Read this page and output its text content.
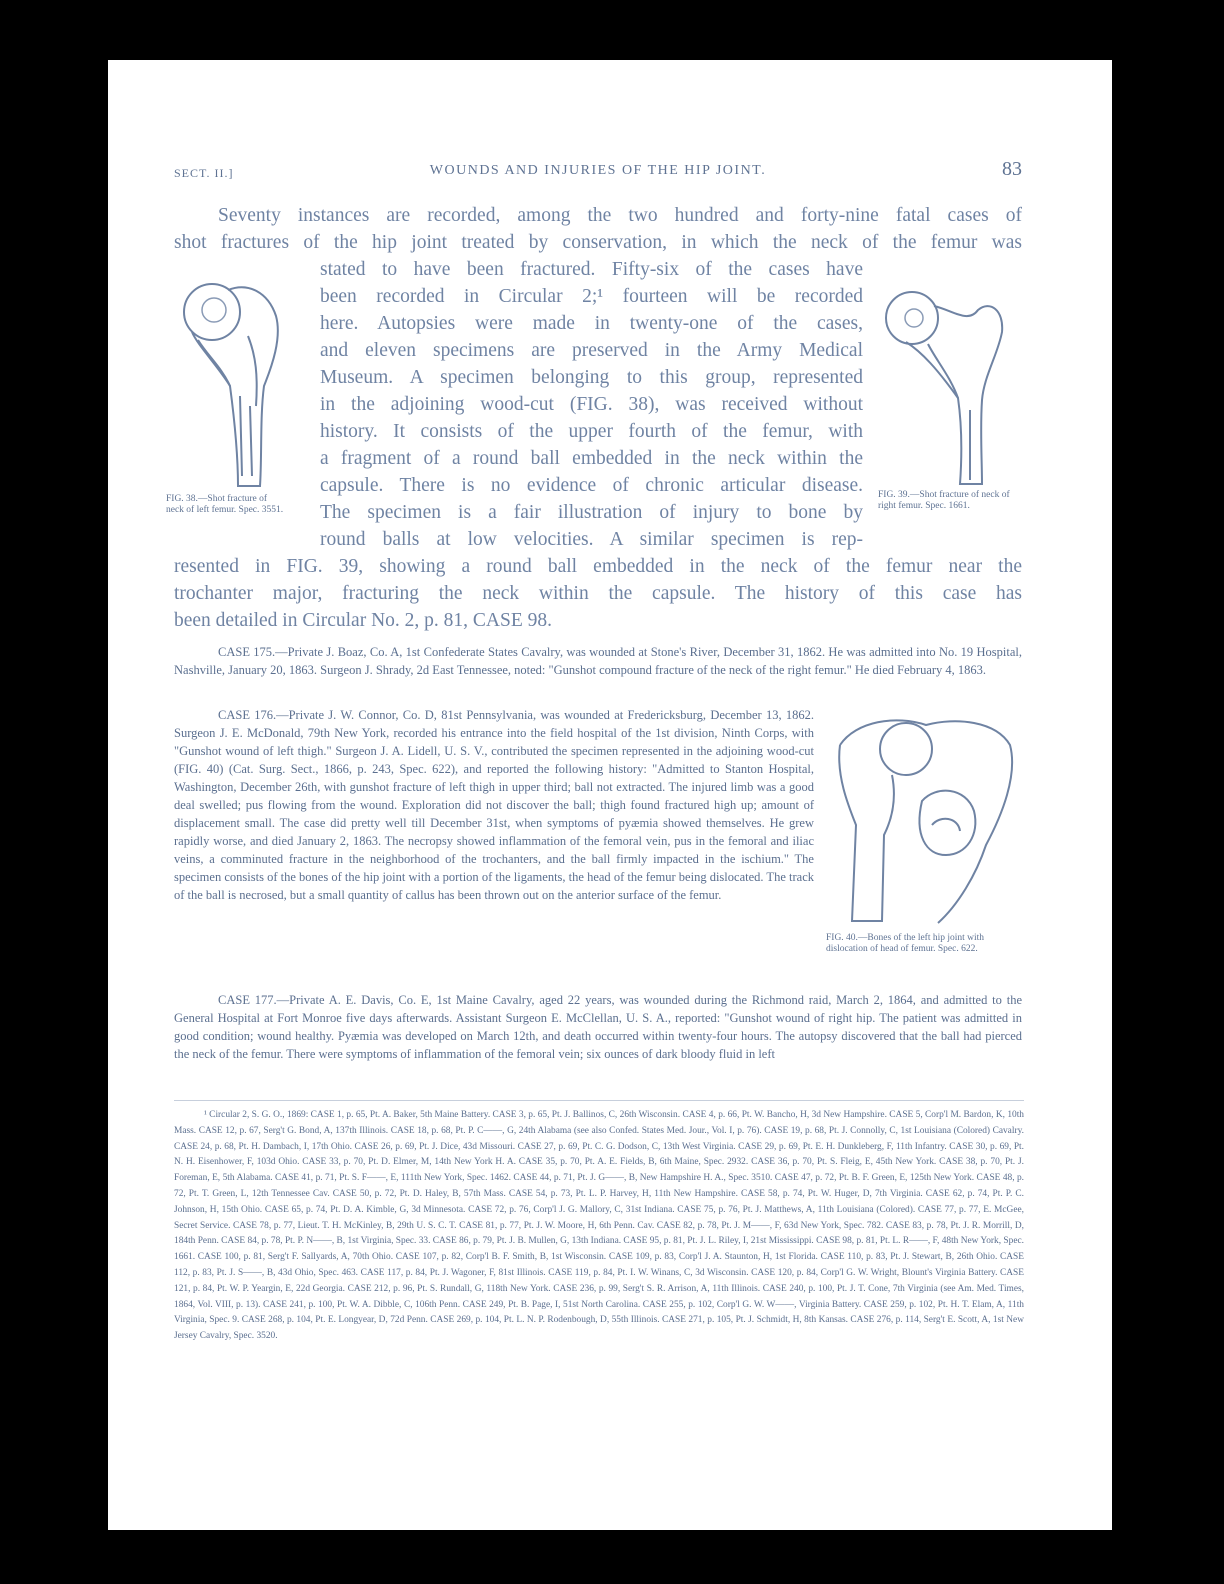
SECT. II.]	WOUNDS AND INJURIES OF THE HIP JOINT.	83
Seventy instances are recorded, among the two hundred and forty-nine fatal cases of
shot fractures of the hip joint treated by conservation, in which the neck of the femur was
stated to have been fractured. Fifty-six of the cases have
been recorded in Circular 2;¹ fourteen will be recorded
here. Autopsies were made in twenty-one of the cases,
and eleven specimens are preserved in the Army Medical
Museum. A specimen belonging to this group, represented
in the adjoining wood-cut (FIG. 38), was received without
history. It consists of the upper fourth of the femur, with
a fragment of a round ball embedded in the neck within the
capsule. There is no evidence of chronic articular disease.
The specimen is a fair illustration of injury to bone by
round balls at low velocities. A similar specimen is rep-
resented in FIG. 39, showing a round ball embedded in the neck of the femur near the
trochanter major, fracturing the neck within the capsule. The history of this case has
been detailed in Circular No. 2, p. 81, CASE 98.
FIG. 38.—Shot fracture of neck of left femur. Spec. 3551.
FIG. 39.—Shot fracture of neck of right femur. Spec. 1661.
CASE 175.—Private J. Boaz, Co. A, 1st Confederate States Cavalry, was wounded at Stone's River, December 31, 1862. He was admitted into No. 19 Hospital, Nashville, January 20, 1863. Surgeon J. Shrady, 2d East Tennessee, noted: "Gunshot compound fracture of the neck of the right femur." He died February 4, 1863.
CASE 176.—Private J. W. Connor, Co. D, 81st Pennsylvania, was wounded at Fredericksburg, December 13, 1862. Surgeon J. E. McDonald, 79th New York, recorded his entrance into the field hospital of the 1st division, Ninth Corps, with "Gunshot wound of left thigh." Surgeon J. A. Lidell, U. S. V., contributed the specimen represented in the adjoining wood-cut (FIG. 40) (Cat. Surg. Sect., 1866, p. 243, Spec. 622), and reported the following history: "Admitted to Stanton Hospital, Washington, December 26th, with gunshot fracture of left thigh in upper third; ball not extracted. The injured limb was a good deal swelled; pus flowing from the wound. Exploration did not discover the ball; thigh found fractured high up; amount of displacement small. The case did pretty well till December 31st, when symptoms of pyæmia showed themselves. He grew rapidly worse, and died January 2, 1863. The necropsy showed inflammation of the femoral vein, pus in the femoral and iliac veins, a comminuted fracture in the neighborhood of the trochanters, and the ball firmly impacted in the ischium." The specimen consists of the bones of the hip joint with a portion of the ligaments, the head of the femur being dislocated. The track of the ball is necrosed, but a small quantity of callus has been thrown out on the anterior surface of the femur.
FIG. 40.—Bones of the left hip joint with dislocation of head of femur. Spec. 622.
CASE 177.—Private A. E. Davis, Co. E, 1st Maine Cavalry, aged 22 years, was wounded during the Richmond raid, March 2, 1864, and admitted to the General Hospital at Fort Monroe five days afterwards. Assistant Surgeon E. McClellan, U. S. A., reported: "Gunshot wound of right hip. The patient was admitted in good condition; wound healthy. Pyæmia was developed on March 12th, and death occurred within twenty-four hours. The autopsy discovered that the ball had pierced the neck of the femur. There were symptoms of inflammation of the femoral vein; six ounces of dark bloody fluid in left
¹ Circular 2, S. G. O., 1869: CASE 1, p. 65, Pt. A. Baker, 5th Maine Battery. CASE 3, p. 65, Pt. J. Ballinos, C, 26th Wisconsin. CASE 4, p. 66, Pt. W. Bancho, H, 3d New Hampshire. CASE 5, Corp'l M. Bardon, K, 10th Mass. CASE 12, p. 67, Serg't G. Bond, A, 137th Illinois. CASE 18, p. 68, Pt. P. C——, G, 24th Alabama (see also Confed. States Med. Jour., Vol. I, p. 76). CASE 19, p. 68, Pt. J. Connolly, C, 1st Louisiana (Colored) Cavalry. CASE 24, p. 68, Pt. H. Dambach, I, 17th Ohio. CASE 26, p. 69, Pt. J. Dice, 43d Missouri. CASE 27, p. 69, Pt. C. G. Dodson, C, 13th West Virginia. CASE 29, p. 69, Pt. E. H. Dunkleberg, F, 11th Infantry. CASE 30, p. 69, Pt. N. H. Eisenhower, F, 103d Ohio. CASE 33, p. 70, Pt. D. Elmer, M, 14th New York H. A. CASE 35, p. 70, Pt. A. E. Fields, B, 6th Maine, Spec. 2932. CASE 36, p. 70, Pt. S. Fleig, E, 45th New York. CASE 38, p. 70, Pt. J. Foreman, E, 5th Alabama. CASE 41, p. 71, Pt. S. F——, E, 111th New York, Spec. 1462. CASE 44, p. 71, Pt. J. G——, B, New Hampshire H. A., Spec. 3510. CASE 47, p. 72, Pt. B. F. Green, E, 125th New York. CASE 48, p. 72, Pt. T. Green, L, 12th Tennessee Cav. CASE 50, p. 72, Pt. D. Haley, B, 57th Mass. CASE 54, p. 73, Pt. L. P. Harvey, H, 11th New Hampshire. CASE 58, p. 74, Pt. W. Huger, D, 7th Virginia. CASE 62, p. 74, Pt. P. C. Johnson, H, 15th Ohio. CASE 65, p. 74, Pt. D. A. Kimble, G, 3d Minnesota. CASE 72, p. 76, Corp'l J. G. Mallory, C, 31st Indiana. CASE 75, p. 76, Pt. J. Matthews, A, 11th Louisiana (Colored). CASE 77, p. 77, E. McGee, Secret Service. CASE 78, p. 77, Lieut. T. H. McKinley, B, 29th U. S. C. T. CASE 81, p. 77, Pt. J. W. Moore, H, 6th Penn. Cav. CASE 82, p. 78, Pt. J. M——, F, 63d New York, Spec. 782. CASE 83, p. 78, Pt. J. R. Morrill, D, 184th Penn. CASE 84, p. 78, Pt. P. N——, B, 1st Virginia, Spec. 33. CASE 86, p. 79, Pt. J. B. Mullen, G, 13th Indiana. CASE 95, p. 81, Pt. J. L. Riley, I, 21st Mississippi. CASE 98, p. 81, Pt. L. R——, F, 48th New York, Spec. 1661. CASE 100, p. 81, Serg't F. Sallyards, A, 70th Ohio. CASE 107, p. 82, Corp'l B. F. Smith, B, 1st Wisconsin. CASE 109, p. 83, Corp'l J. A. Staunton, H, 1st Florida. CASE 110, p. 83, Pt. J. Stewart, B, 26th Ohio. CASE 112, p. 83, Pt. J. S——, B, 43d Ohio, Spec. 463. CASE 117, p. 84, Pt. J. Wagoner, F, 81st Illinois. CASE 119, p. 84, Pt. I. W. Winans, C, 3d Wisconsin. CASE 120, p. 84, Corp'l G. W. Wright, Blount's Virginia Battery. CASE 121, p. 84, Pt. W. P. Yeargin, E, 22d Georgia. CASE 212, p. 96, Pt. S. Rundall, G, 118th New York. CASE 236, p. 99, Serg't S. R. Arrison, A, 11th Illinois. CASE 240, p. 100, Pt. J. T. Cone, 7th Virginia (see Am. Med. Times, 1864, Vol. VIII, p. 13). CASE 241, p. 100, Pt. W. A. Dibble, C, 106th Penn. CASE 249, Pt. B. Page, I, 51st North Carolina. CASE 255, p. 102, Corp'l G. W. W——, Virginia Battery. CASE 259, p. 102, Pt. H. T. Elam, A, 11th Virginia, Spec. 9. CASE 268, p. 104, Pt. E. Longyear, D, 72d Penn. CASE 269, p. 104, Pt. L. N. P. Rodenbough, D, 55th Illinois. CASE 271, p. 105, Pt. J. Schmidt, H, 8th Kansas. CASE 276, p. 114, Serg't E. Scott, A, 1st New Jersey Cavalry, Spec. 3520.
